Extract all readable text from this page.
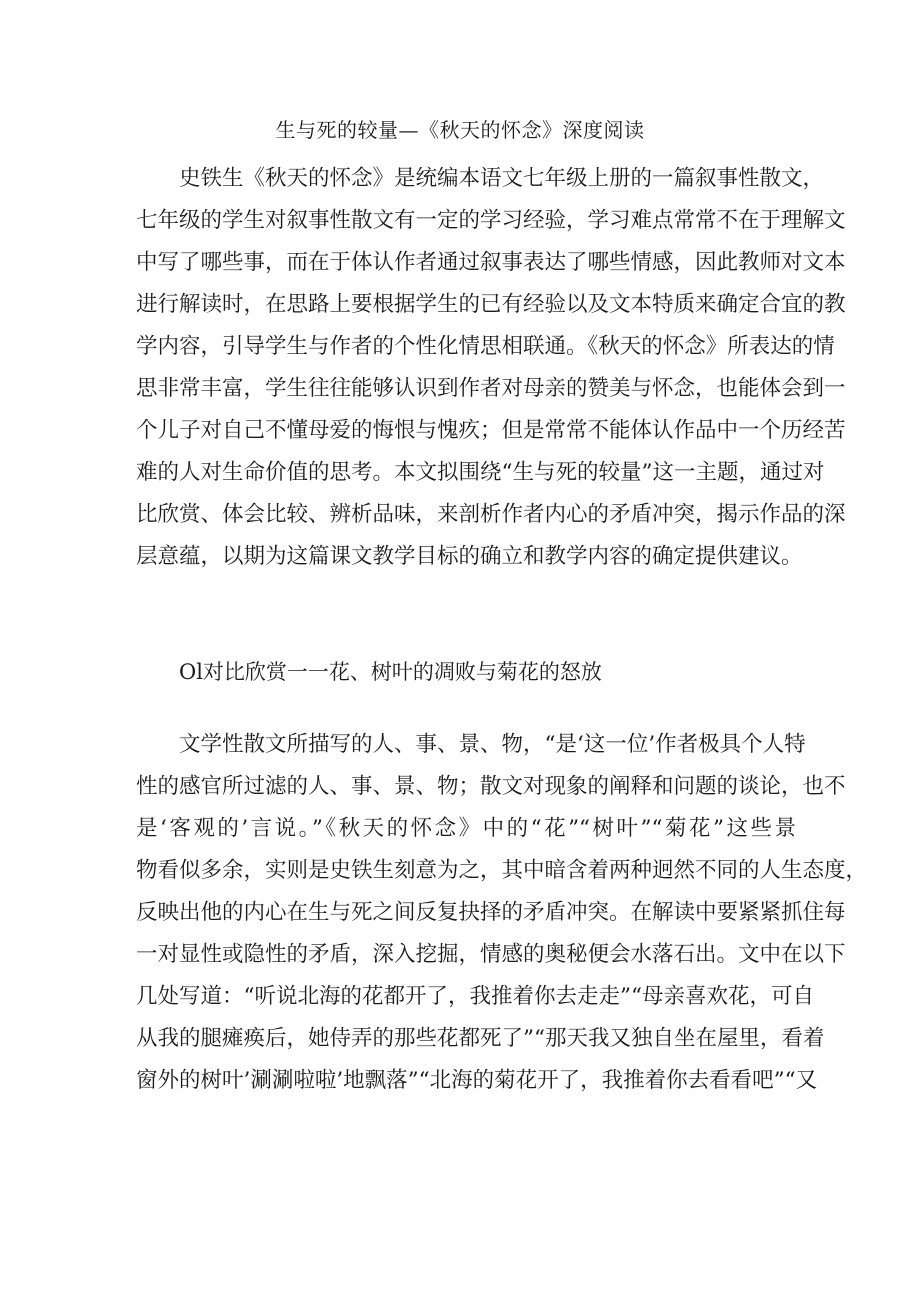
生与死的较量—《秋天的怀念》深度阅读
史铁生《秋天的怀念》是统编本语文七年级上册的一篇叙事性散文，
七年级的学生对叙事性散文有一定的学习经验，学习难点常常不在于理解文
中写了哪些事，而在于体认作者通过叙事表达了哪些情感，因此教师对文本
进行解读时，在思路上要根据学生的已有经验以及文本特质来确定合宜的教
学内容，引导学生与作者的个性化情思相联通。《秋天的怀念》所表达的情
思非常丰富，学生往往能够认识到作者对母亲的赞美与怀念，也能体会到一
个儿子对自己不懂母爱的悔恨与愧疚；但是常常不能体认作品中一个历经苦
难的人对生命价值的思考。本文拟围绕“生与死的较量”这一主题，通过对
比欣赏、体会比较、辨析品味，来剖析作者内心的矛盾冲突，揭示作品的深
层意蕴，以期为这篇课文教学目标的确立和教学内容的确定提供建议。
Ol对比欣赏一一花、树叶的凋败与菊花的怒放
文学性散文所描写的人、事、景、物，“是‘这一位’作者极具个人特
性的感官所过滤的人、事、景、物；散文对现象的阐释和问题的谈论，也不
是‘客观的’言说。”《秋天的怀念》中的“花”“树叶”“菊花”这些景
物看似多余，实则是史铁生刻意为之，其中暗含着两种迥然不同的人生态度，
反映出他的内心在生与死之间反复抉择的矛盾冲突。在解读中要紧紧抓住每
一对显性或隐性的矛盾，深入挖掘，情感的奥秘便会水落石出。文中在以下
几处写道：“听说北海的花都开了，我推着你去走走”“母亲喜欢花，可自
从我的腿瘫痪后，她侍弄的那些花都死了”“那天我又独自坐在屋里，看着
窗外的树叶’涮涮啦啦’地飘落”“北海的菊花开了，我推着你去看看吧”“又
